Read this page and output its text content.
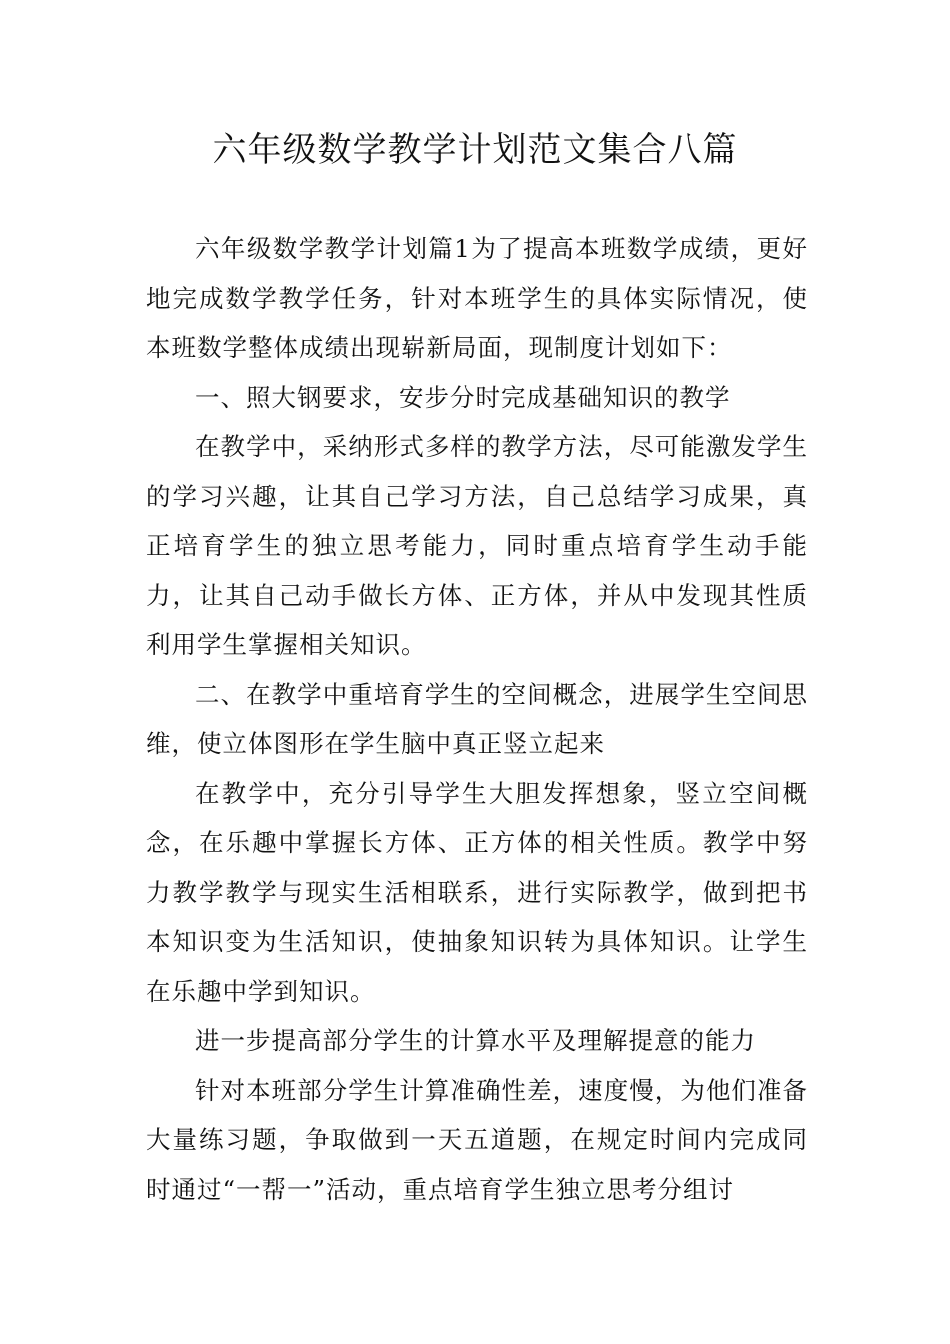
六年级数学教学计划范文集合八篇

六年级数学教学计划篇1为了提高本班数学成绩，更好地完成数学教学任务，针对本班学生的具体实际情况，使本班数学整体成绩出现崭新局面，现制度计划如下：

一、照大钢要求，安步分时完成基础知识的教学

在教学中，采纳形式多样的教学方法，尽可能激发学生的学习兴趣，让其自己学习方法，自己总结学习成果，真正培育学生的独立思考能力，同时重点培育学生动手能力，让其自己动手做长方体、正方体，并从中发现其性质利用学生掌握相关知识。

二、在教学中重培育学生的空间概念，进展学生空间思维，使立体图形在学生脑中真正竖立起来

在教学中，充分引导学生大胆发挥想象，竖立空间概念，在乐趣中掌握长方体、正方体的相关性质。教学中努力教学教学与现实生活相联系，进行实际教学，做到把书本知识变为生活知识，使抽象知识转为具体知识。让学生在乐趣中学到知识。

进一步提高部分学生的计算水平及理解提意的能力

针对本班部分学生计算准确性差，速度慢，为他们准备大量练习题，争取做到一天五道题，在规定时间内完成同时通过“一帮一”活动，重点培育学生独立思考分组讨
